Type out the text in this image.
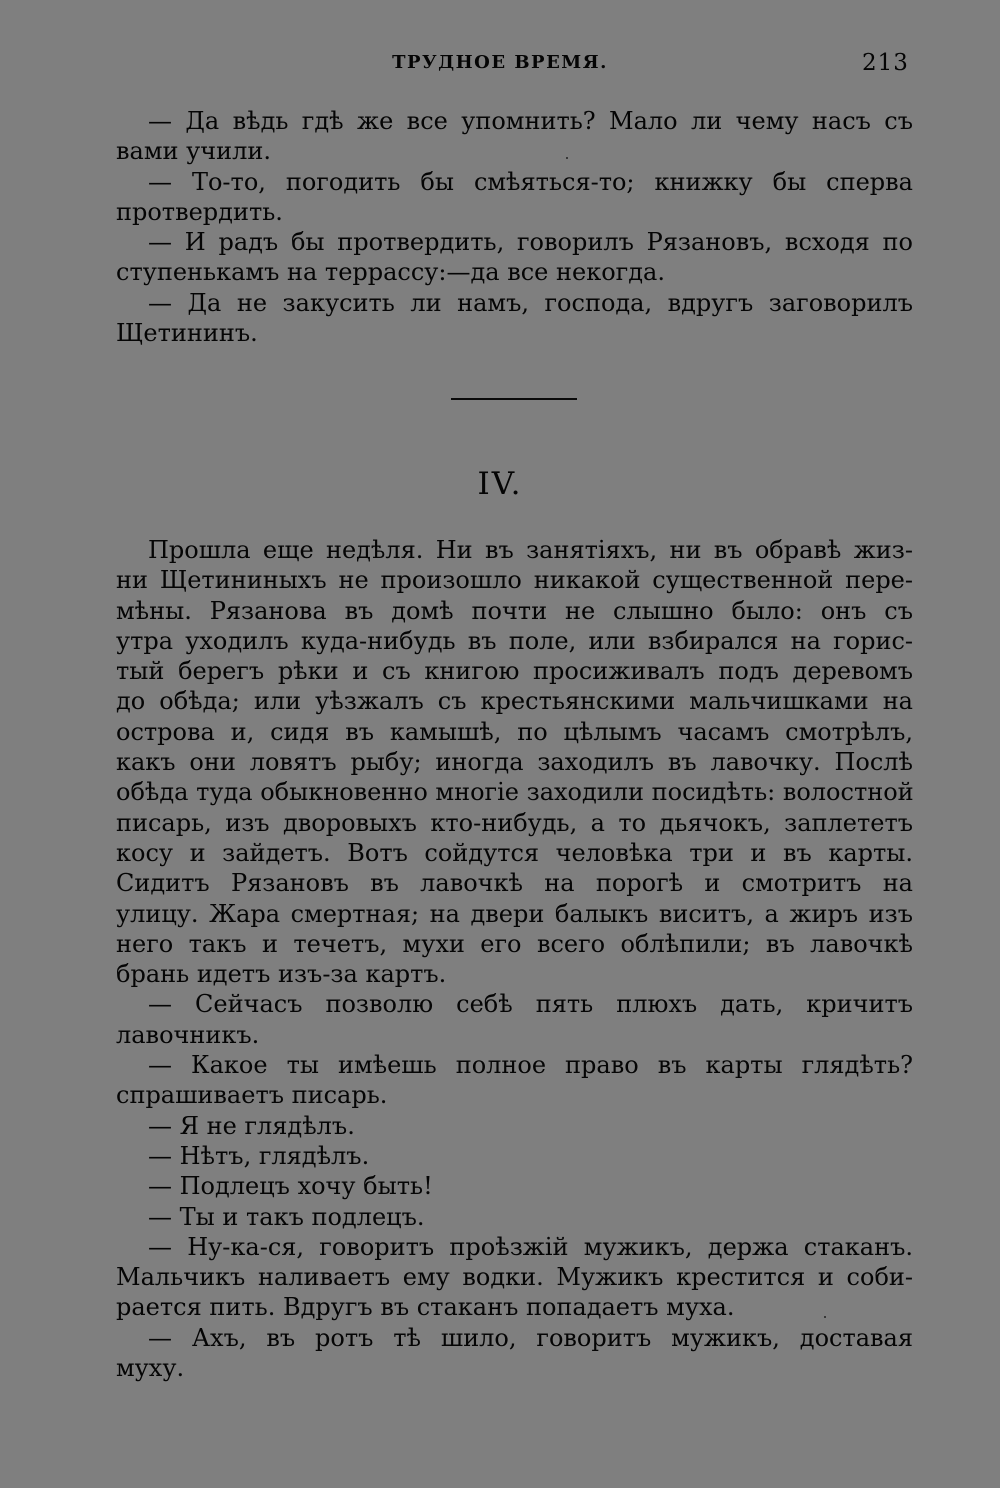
ТРУДНОЕ ВРЕМЯ.	213
— Да вѣдь гдѣ же все упомнить? Мало ли чему насъ съ
вами учили.
— То-то, погодить бы смѣяться-то; книжку бы сперва
протвердить.
— И радъ бы протвердить, говорилъ Рязановъ, всходя по
ступенькамъ на террассу:—да все некогда.
— Да не закусить ли намъ, господа, вдругъ заговорилъ
Щетининъ.
IV.
Прошла еще недѣля. Ни въ занятіяхъ, ни въ обравѣ жиз-
ни Щетининыхъ не произошло никакой существенной пере-
мѣны. Рязанова въ домѣ почти не слышно было: онъ съ
утра уходилъ куда-нибудь въ поле, или взбирался на горис-
тый берегъ рѣки и съ книгою просиживалъ подъ деревомъ
до обѣда; или уѣзжалъ съ крестьянскими мальчишками на
острова и, сидя въ камышѣ, по цѣлымъ часамъ смотрѣлъ,
какъ они ловятъ рыбу; иногда заходилъ въ лавочку. Послѣ
обѣда туда обыкновенно многіе заходили посидѣть: волостной
писарь, изъ дворовыхъ кто-нибудь, а то дьячокъ, заплететъ
косу и зайдетъ. Вотъ сойдутся человѣка три и въ карты.
Сидитъ Рязановъ въ лавочкѣ на порогѣ и смотритъ на
улицу. Жара смертная; на двери балыкъ виситъ, а жиръ изъ
него такъ и течетъ, мухи его всего облѣпили; въ лавочкѣ
брань идетъ изъ-за картъ.
— Сейчасъ позволю себѣ пять плюхъ дать, кричитъ
лавочникъ.
— Какое ты имѣешь полное право въ карты глядѣть?
спрашиваетъ писарь.
— Я не глядѣлъ.
— Нѣтъ, глядѣлъ.
— Подлецъ хочу быть!
— Ты и такъ подлецъ.
— Ну-ка-ся, говоритъ проѣзжій мужикъ, держа стаканъ.
Мальчикъ наливаетъ ему водки. Мужикъ крестится и соби-
рается пить. Вдругъ въ стаканъ попадаетъ муха.
— Ахъ, въ ротъ тѣ шило, говоритъ мужикъ, доставая
муху.
